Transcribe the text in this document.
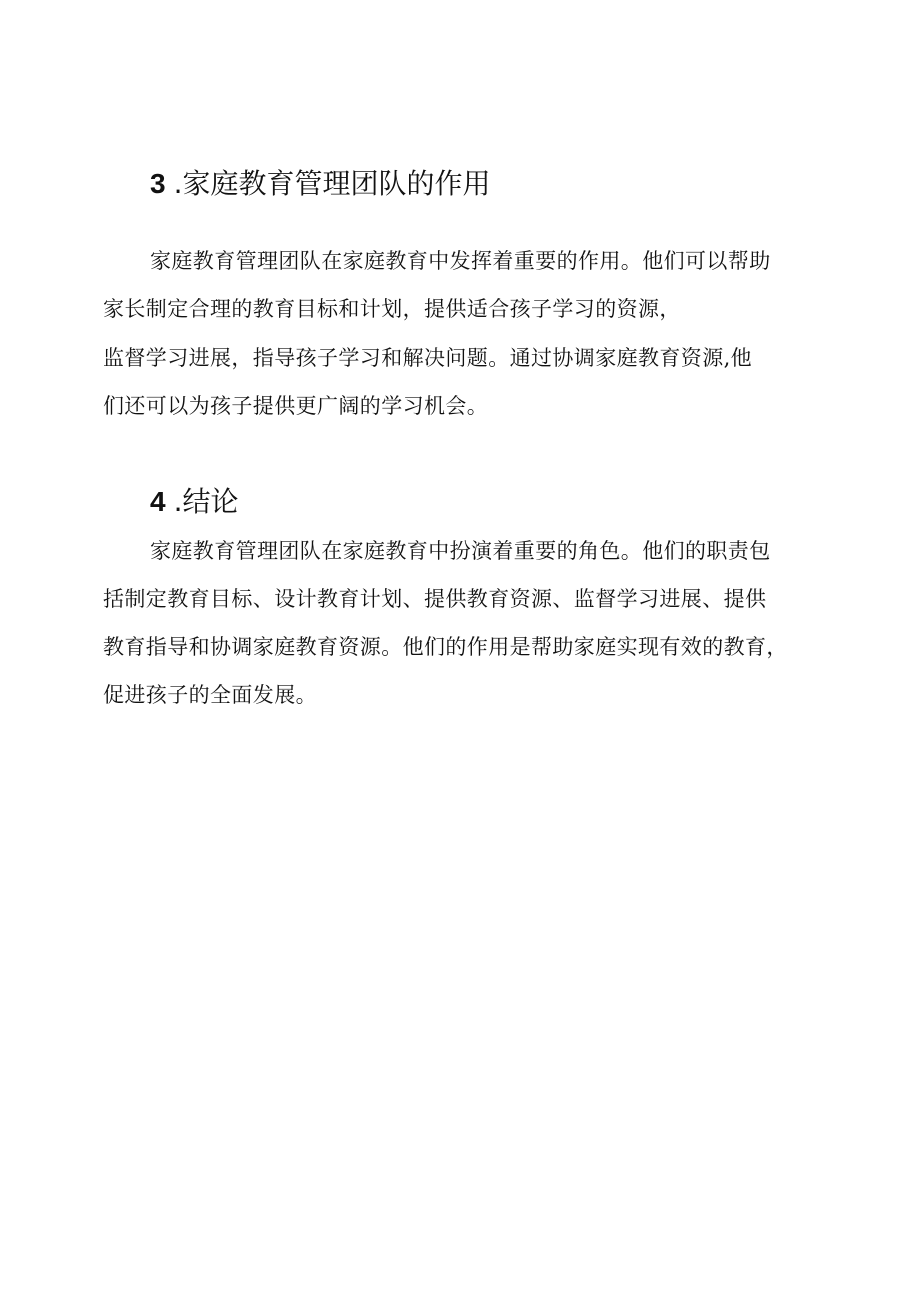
3 .家庭教育管理团队的作用
家庭教育管理团队在家庭教育中发挥着重要的作用。他们可以帮助
家长制定合理的教育目标和计划，提供适合孩子学习的资源，
监督学习进展，指导孩子学习和解决问题。通过协调家庭教育资源,他
们还可以为孩子提供更广阔的学习机会。
4 .结论
家庭教育管理团队在家庭教育中扮演着重要的角色。他们的职责包
括制定教育目标、设计教育计划、提供教育资源、监督学习进展、提供
教育指导和协调家庭教育资源。他们的作用是帮助家庭实现有效的教育，
促进孩子的全面发展。
